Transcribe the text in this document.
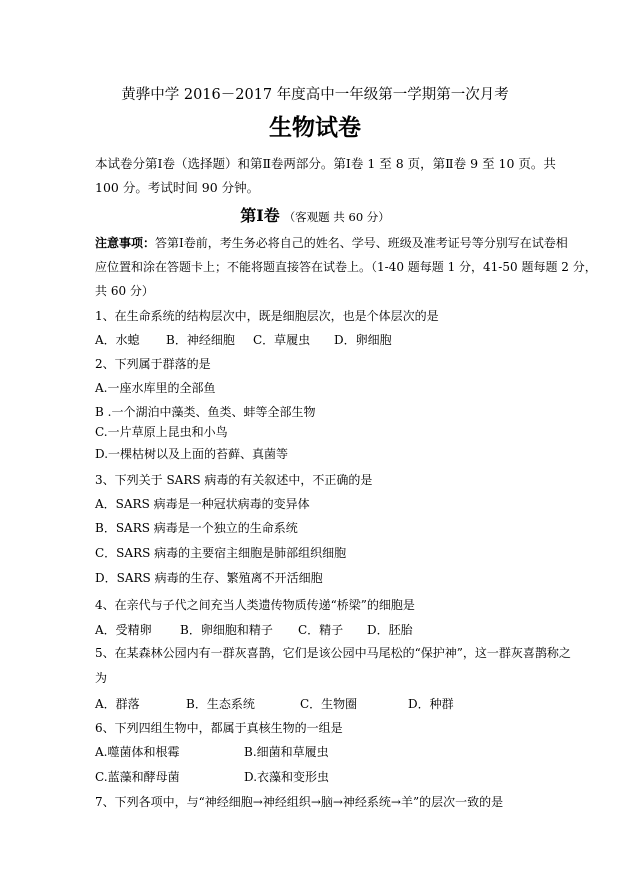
黄骅中学 2016－2017 年度高中一年级第一学期第一次月考
生物试卷
本试卷分第Ⅰ卷（选择题）和第Ⅱ卷两部分。第Ⅰ卷 1 至 8 页，第Ⅱ卷 9 至 10 页。共
100 分。考试时间 90 分钟。
第Ⅰ卷 （客观题 共 60 分）
注意事项：答第Ⅰ卷前，考生务必将自己的姓名、学号、班级及准考证号等分别写在试卷相
应位置和涂在答题卡上；不能将题直接答在试卷上。（1-40 题每题 1 分，41-50 题每题 2 分，
共 60 分）
1、在生命系统的结构层次中，既是细胞层次，也是个体层次的是
A．水螅 B．神经细胞 C．草履虫 D．卵细胞
2、下列属于群落的是
A.一座水库里的全部鱼
B .一个湖泊中藻类、鱼类、蚌等全部生物
C.一片草原上昆虫和小鸟
D.一棵枯树以及上面的苔藓、真菌等
3、下列关于 SARS 病毒的有关叙述中，不正确的是
A．SARS 病毒是一种冠状病毒的变异体
B．SARS 病毒是一个独立的生命系统
C．SARS 病毒的主要宿主细胞是肺部组织细胞
D．SARS 病毒的生存、繁殖离不开活细胞
4、在亲代与子代之间充当人类遗传物质传递“桥梁”的细胞是
A．受精卵 B．卵细胞和精子 C．精子 D．胚胎
5、在某森林公园内有一群灰喜鹊，它们是该公园中马尾松的“保护神”，这一群灰喜鹊称之
为
A．群落	B．生态系统	C．生物圈	D．种群
6、下列四组生物中，都属于真核生物的一组是
A.噬菌体和根霉	B.细菌和草履虫
C.蓝藻和酵母菌	D.衣藻和变形虫
7、下列各项中，与“神经细胞→神经组织→脑→神经系统→羊”的层次一致的是
